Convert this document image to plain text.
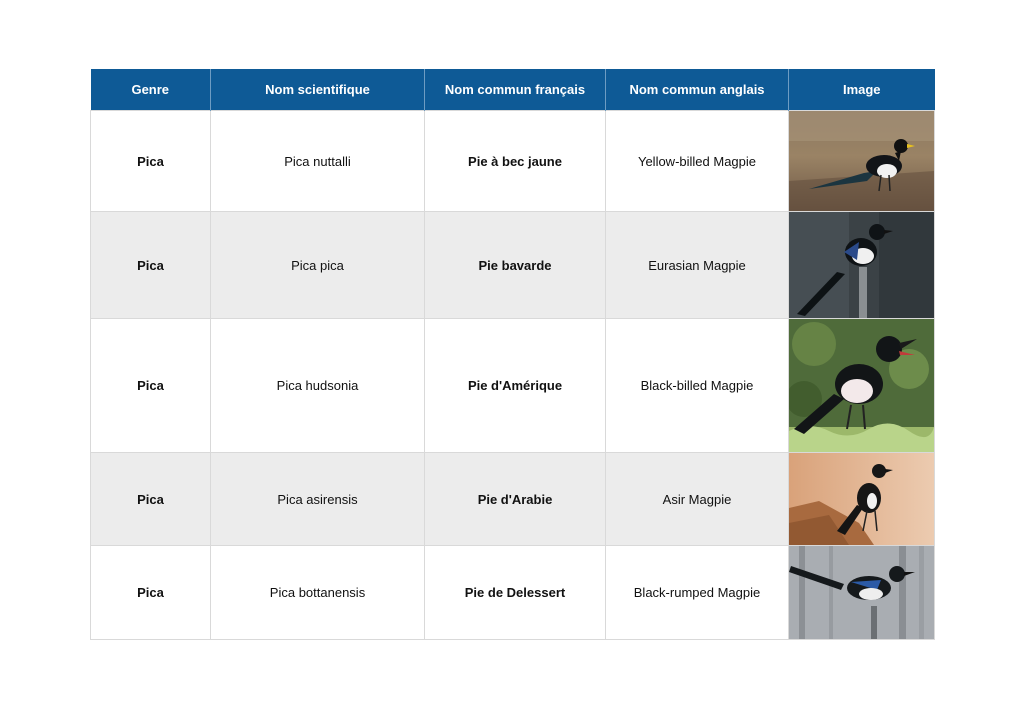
Genre	Nom scientifique	Nom commun français	Nom commun anglais	Image
Pica	Pica nuttalli	Pie à bec jaune	Yellow-billed Magpie	

Pica	Pica pica	Pie bavarde	Eurasian Magpie	

Pica	Pica hudsonia	Pie d'Amérique	Black-billed Magpie	

Pica	Pica asirensis	Pie d'Arabie	Asir Magpie	

Pica	Pica bottanensis	Pie de Delessert	Black-rumped Magpie	
